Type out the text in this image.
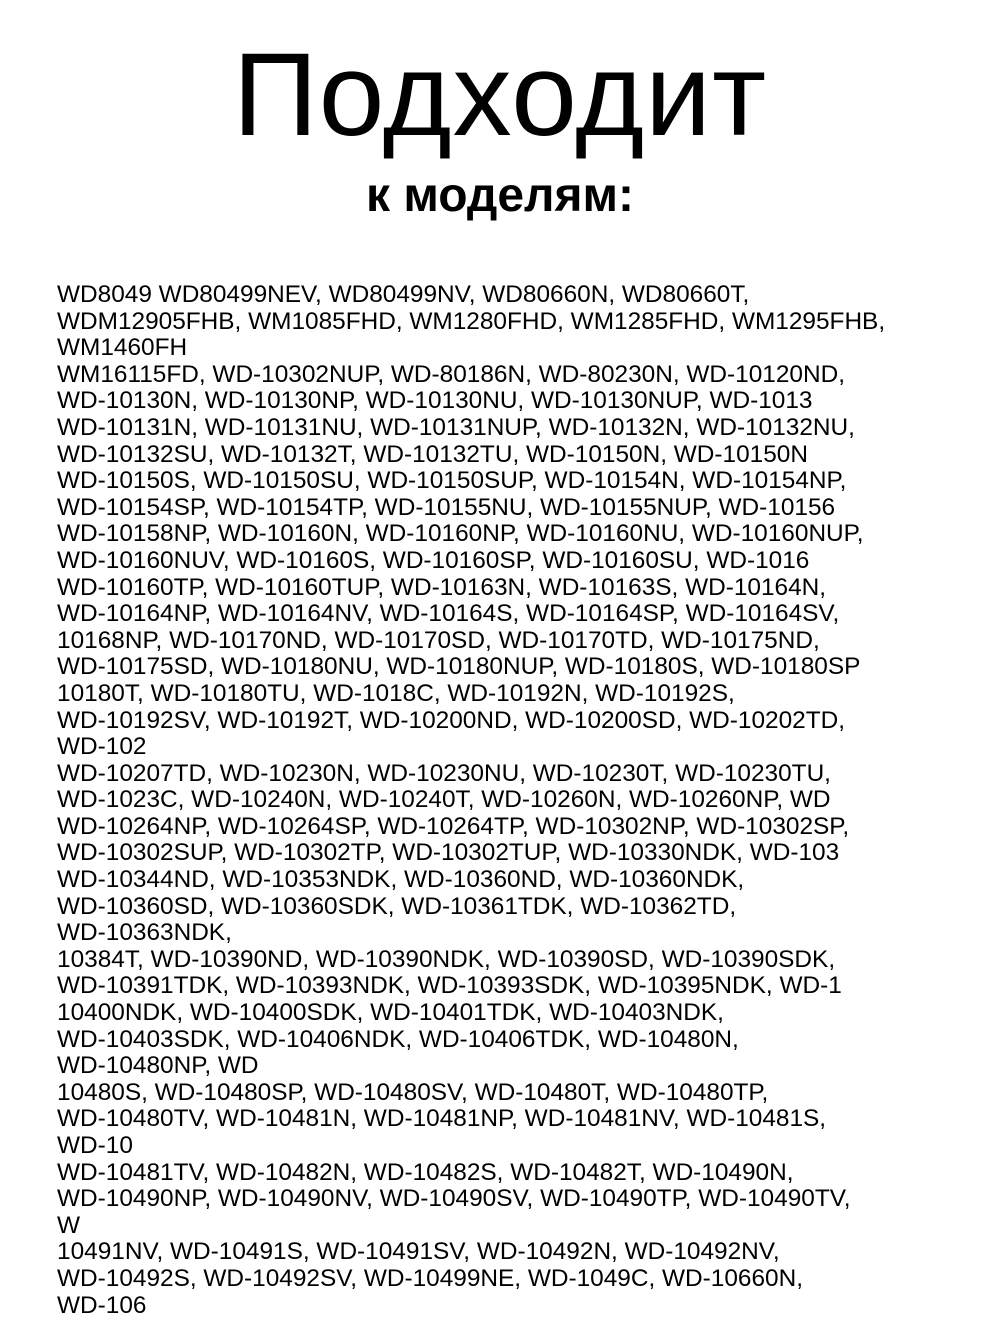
Подходит
к моделям:
WD8049 WD80499NEV, WD80499NV, WD80660N, WD80660T,
WDM12905FHB, WM1085FHD, WM1280FHD, WM1285FHD, WM1295FHB,
WM1460FH
WM16115FD, WD-10302NUP, WD-80186N, WD-80230N, WD-10120ND,
WD-10130N, WD-10130NP, WD-10130NU, WD-10130NUP, WD-1013
WD-10131N, WD-10131NU, WD-10131NUP, WD-10132N, WD-10132NU,
WD-10132SU, WD-10132T, WD-10132TU, WD-10150N, WD-10150N
WD-10150S, WD-10150SU, WD-10150SUP, WD-10154N, WD-10154NP,
WD-10154SP, WD-10154TP, WD-10155NU, WD-10155NUP, WD-10156
WD-10158NP, WD-10160N, WD-10160NP, WD-10160NU, WD-10160NUP,
WD-10160NUV, WD-10160S, WD-10160SP, WD-10160SU, WD-1016
WD-10160TP, WD-10160TUP, WD-10163N, WD-10163S, WD-10164N,
WD-10164NP, WD-10164NV, WD-10164S, WD-10164SP, WD-10164SV,
10168NP, WD-10170ND, WD-10170SD, WD-10170TD, WD-10175ND,
WD-10175SD, WD-10180NU, WD-10180NUP, WD-10180S, WD-10180SP
10180T, WD-10180TU, WD-1018C, WD-10192N, WD-10192S,
WD-10192SV, WD-10192T, WD-10200ND, WD-10200SD, WD-10202TD,
WD-102
WD-10207TD, WD-10230N, WD-10230NU, WD-10230T, WD-10230TU,
WD-1023C, WD-10240N, WD-10240T, WD-10260N, WD-10260NP, WD
WD-10264NP, WD-10264SP, WD-10264TP, WD-10302NP, WD-10302SP,
WD-10302SUP, WD-10302TP, WD-10302TUP, WD-10330NDK, WD-103
WD-10344ND, WD-10353NDK, WD-10360ND, WD-10360NDK,
WD-10360SD, WD-10360SDK, WD-10361TDK, WD-10362TD,
WD-10363NDK,
10384T, WD-10390ND, WD-10390NDK, WD-10390SD, WD-10390SDK,
WD-10391TDK, WD-10393NDK, WD-10393SDK, WD-10395NDK, WD-1
10400NDK, WD-10400SDK, WD-10401TDK, WD-10403NDK,
WD-10403SDK, WD-10406NDK, WD-10406TDK, WD-10480N,
WD-10480NP, WD
10480S, WD-10480SP, WD-10480SV, WD-10480T, WD-10480TP,
WD-10480TV, WD-10481N, WD-10481NP, WD-10481NV, WD-10481S,
WD-10
WD-10481TV, WD-10482N, WD-10482S, WD-10482T, WD-10490N,
WD-10490NP, WD-10490NV, WD-10490SV, WD-10490TP, WD-10490TV,
W
10491NV, WD-10491S, WD-10491SV, WD-10492N, WD-10492NV,
WD-10492S, WD-10492SV, WD-10499NE, WD-1049C, WD-10660N,
WD-106
